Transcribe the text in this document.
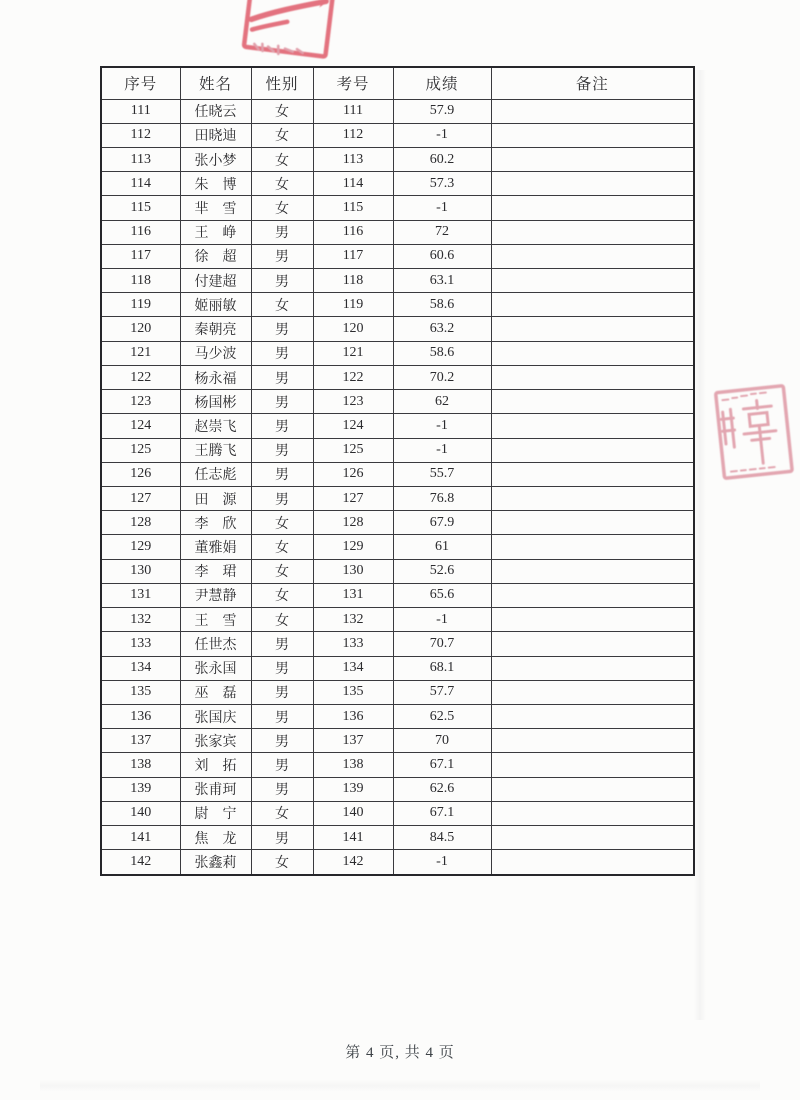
序号	姓名	性别	考号	成绩	备注
111	任晓云	女	111	57.9	
112	田晓迪	女	112	-1	
113	张小梦	女	113	60.2	
114	朱　博	女	114	57.3	
115	芈　雪	女	115	-1	
116	王　峥	男	116	72	
117	徐　超	男	117	60.6	
118	付建超	男	118	63.1	
119	姬丽敏	女	119	58.6	
120	秦朝亮	男	120	63.2	
121	马少波	男	121	58.6	
122	杨永福	男	122	70.2	
123	杨国彬	男	123	62	
124	赵崇飞	男	124	-1	
125	王腾飞	男	125	-1	
126	任志彪	男	126	55.7	
127	田　源	男	127	76.8	
128	李　欣	女	128	67.9	
129	董雅娟	女	129	61	
130	李　珺	女	130	52.6	
131	尹慧静	女	131	65.6	
132	王　雪	女	132	-1	
133	任世杰	男	133	70.7	
134	张永国	男	134	68.1	
135	巫　磊	男	135	57.7	
136	张国庆	男	136	62.5	
137	张家宾	男	137	70	
138	刘　拓	男	138	67.1	
139	张甫珂	男	139	62.6	
140	尉　宁	女	140	67.1	
141	焦　龙	男	141	84.5	
142	张鑫莉	女	142	-1	
第 4 页, 共 4 页
